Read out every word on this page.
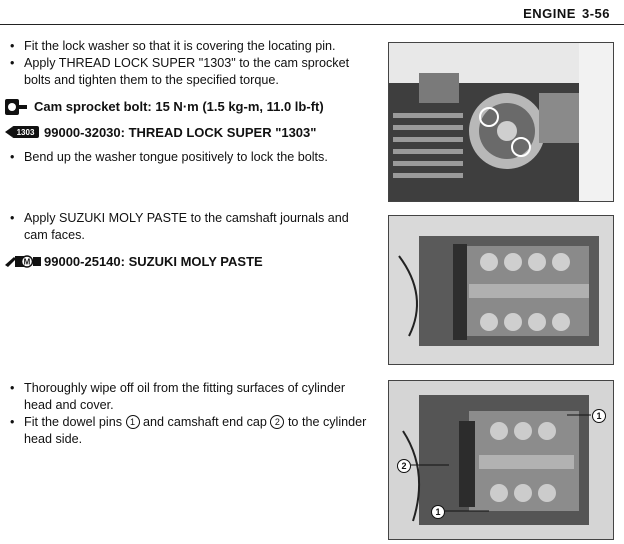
ENGINE 3-56

• Fit the lock washer so that it is covering the locating pin.

• Apply THREAD LOCK SUPER "1303" to the cam sprocket bolts and tighten them to the specified torque.

Cam sprocket bolt: 15 N·m (1.5 kg-m, 11.0 lb-ft)

1303 99000-32030: THREAD LOCK SUPER "1303"

• Bend up the washer tongue positively to lock the bolts.

• Apply SUZUKI MOLY PASTE to the camshaft journals and cam faces.

M 99000-25140: SUZUKI MOLY PASTE

• Thoroughly wipe off oil from the fitting surfaces of cylinder head and cover.

• Fit the dowel pins 1 and camshaft end cap 2 to the cylinder head side.

1
2
1
